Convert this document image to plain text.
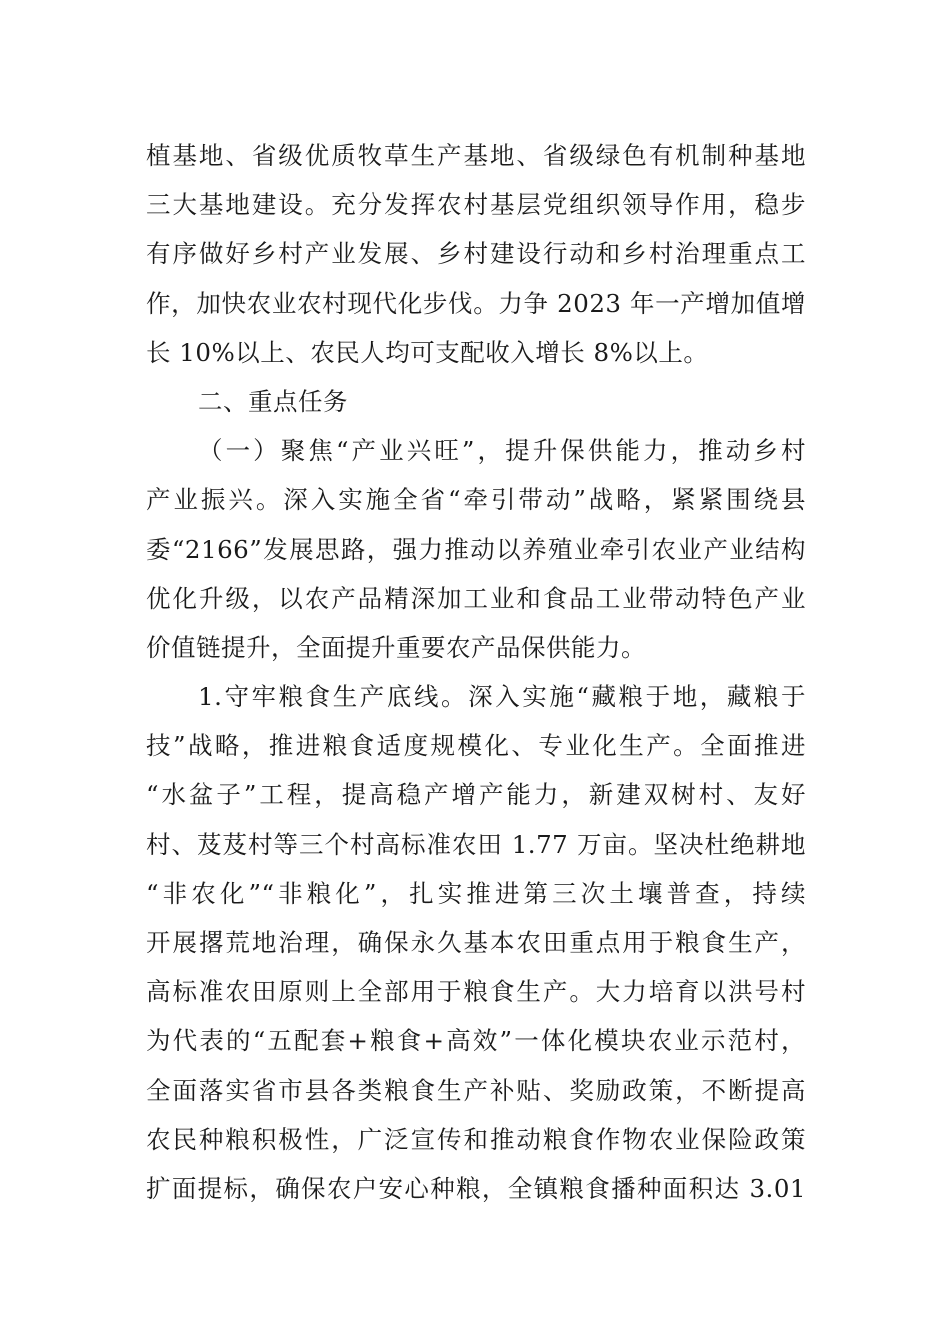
植基地、省级优质牧草生产基地、省级绿色有机制种基地
三大基地建设。充分发挥农村基层党组织领导作用，稳步
有序做好乡村产业发展、乡村建设行动和乡村治理重点工
作，加快农业农村现代化步伐。力争 2023 年一产增加值增
长 10%以上、农民人均可支配收入增长 8%以上。
二、重点任务
（一）聚焦“产业兴旺”，提升保供能力，推动乡村
产业振兴。深入实施全省“牵引带动”战略，紧紧围绕县
委“2166”发展思路，强力推动以养殖业牵引农业产业结构
优化升级，以农产品精深加工业和食品工业带动特色产业
价值链提升，全面提升重要农产品保供能力。
1.守牢粮食生产底线。深入实施“藏粮于地，藏粮于
技”战略，推进粮食适度规模化、专业化生产。全面推进
“水盆子”工程，提高稳产增产能力，新建双树村、友好
村、芨芨村等三个村高标准农田 1.77 万亩。坚决杜绝耕地
“非农化”“非粮化”，扎实推进第三次土壤普查，持续
开展撂荒地治理，确保永久基本农田重点用于粮食生产，
高标准农田原则上全部用于粮食生产。大力培育以洪号村
为代表的“五配套+粮食+高效”一体化模块农业示范村，
全面落实省市县各类粮食生产补贴、奖励政策，不断提高
农民种粮积极性，广泛宣传和推动粮食作物农业保险政策
扩面提标，确保农户安心种粮，全镇粮食播种面积达 3.01
